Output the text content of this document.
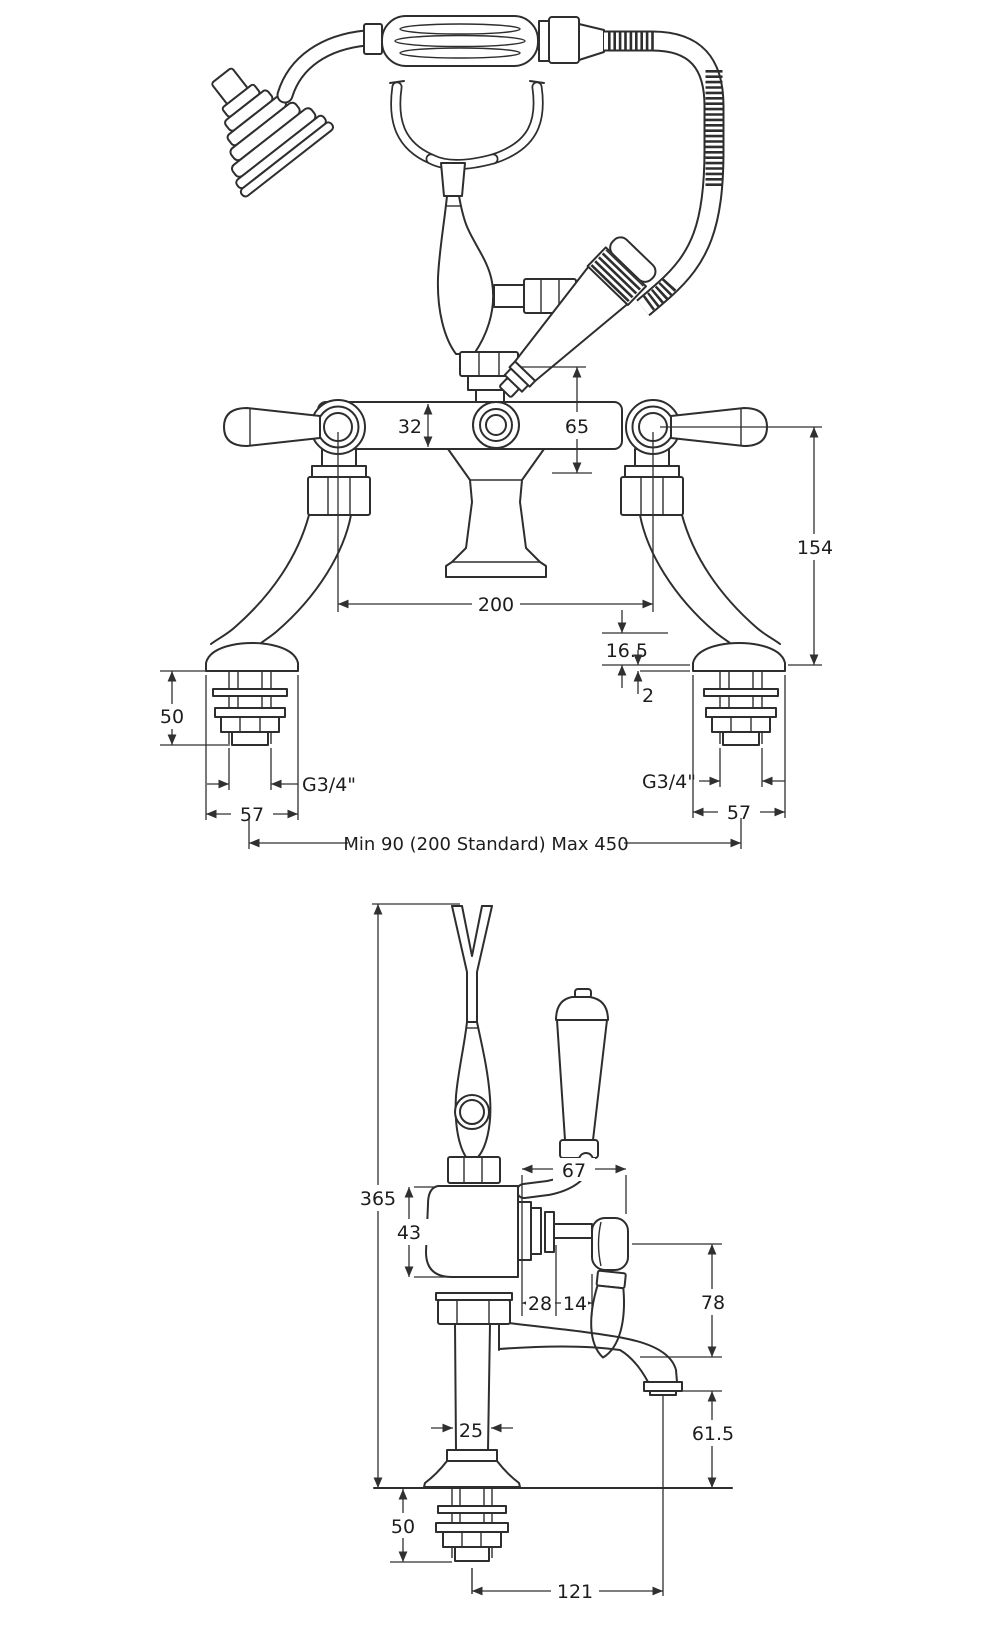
32	65
200
154
16.5
2
50
G3/4"
57
G3/4"
57
Min 90 (200 Standard) Max 450
365
67
43
28 14	78
61.5
25
50
121
